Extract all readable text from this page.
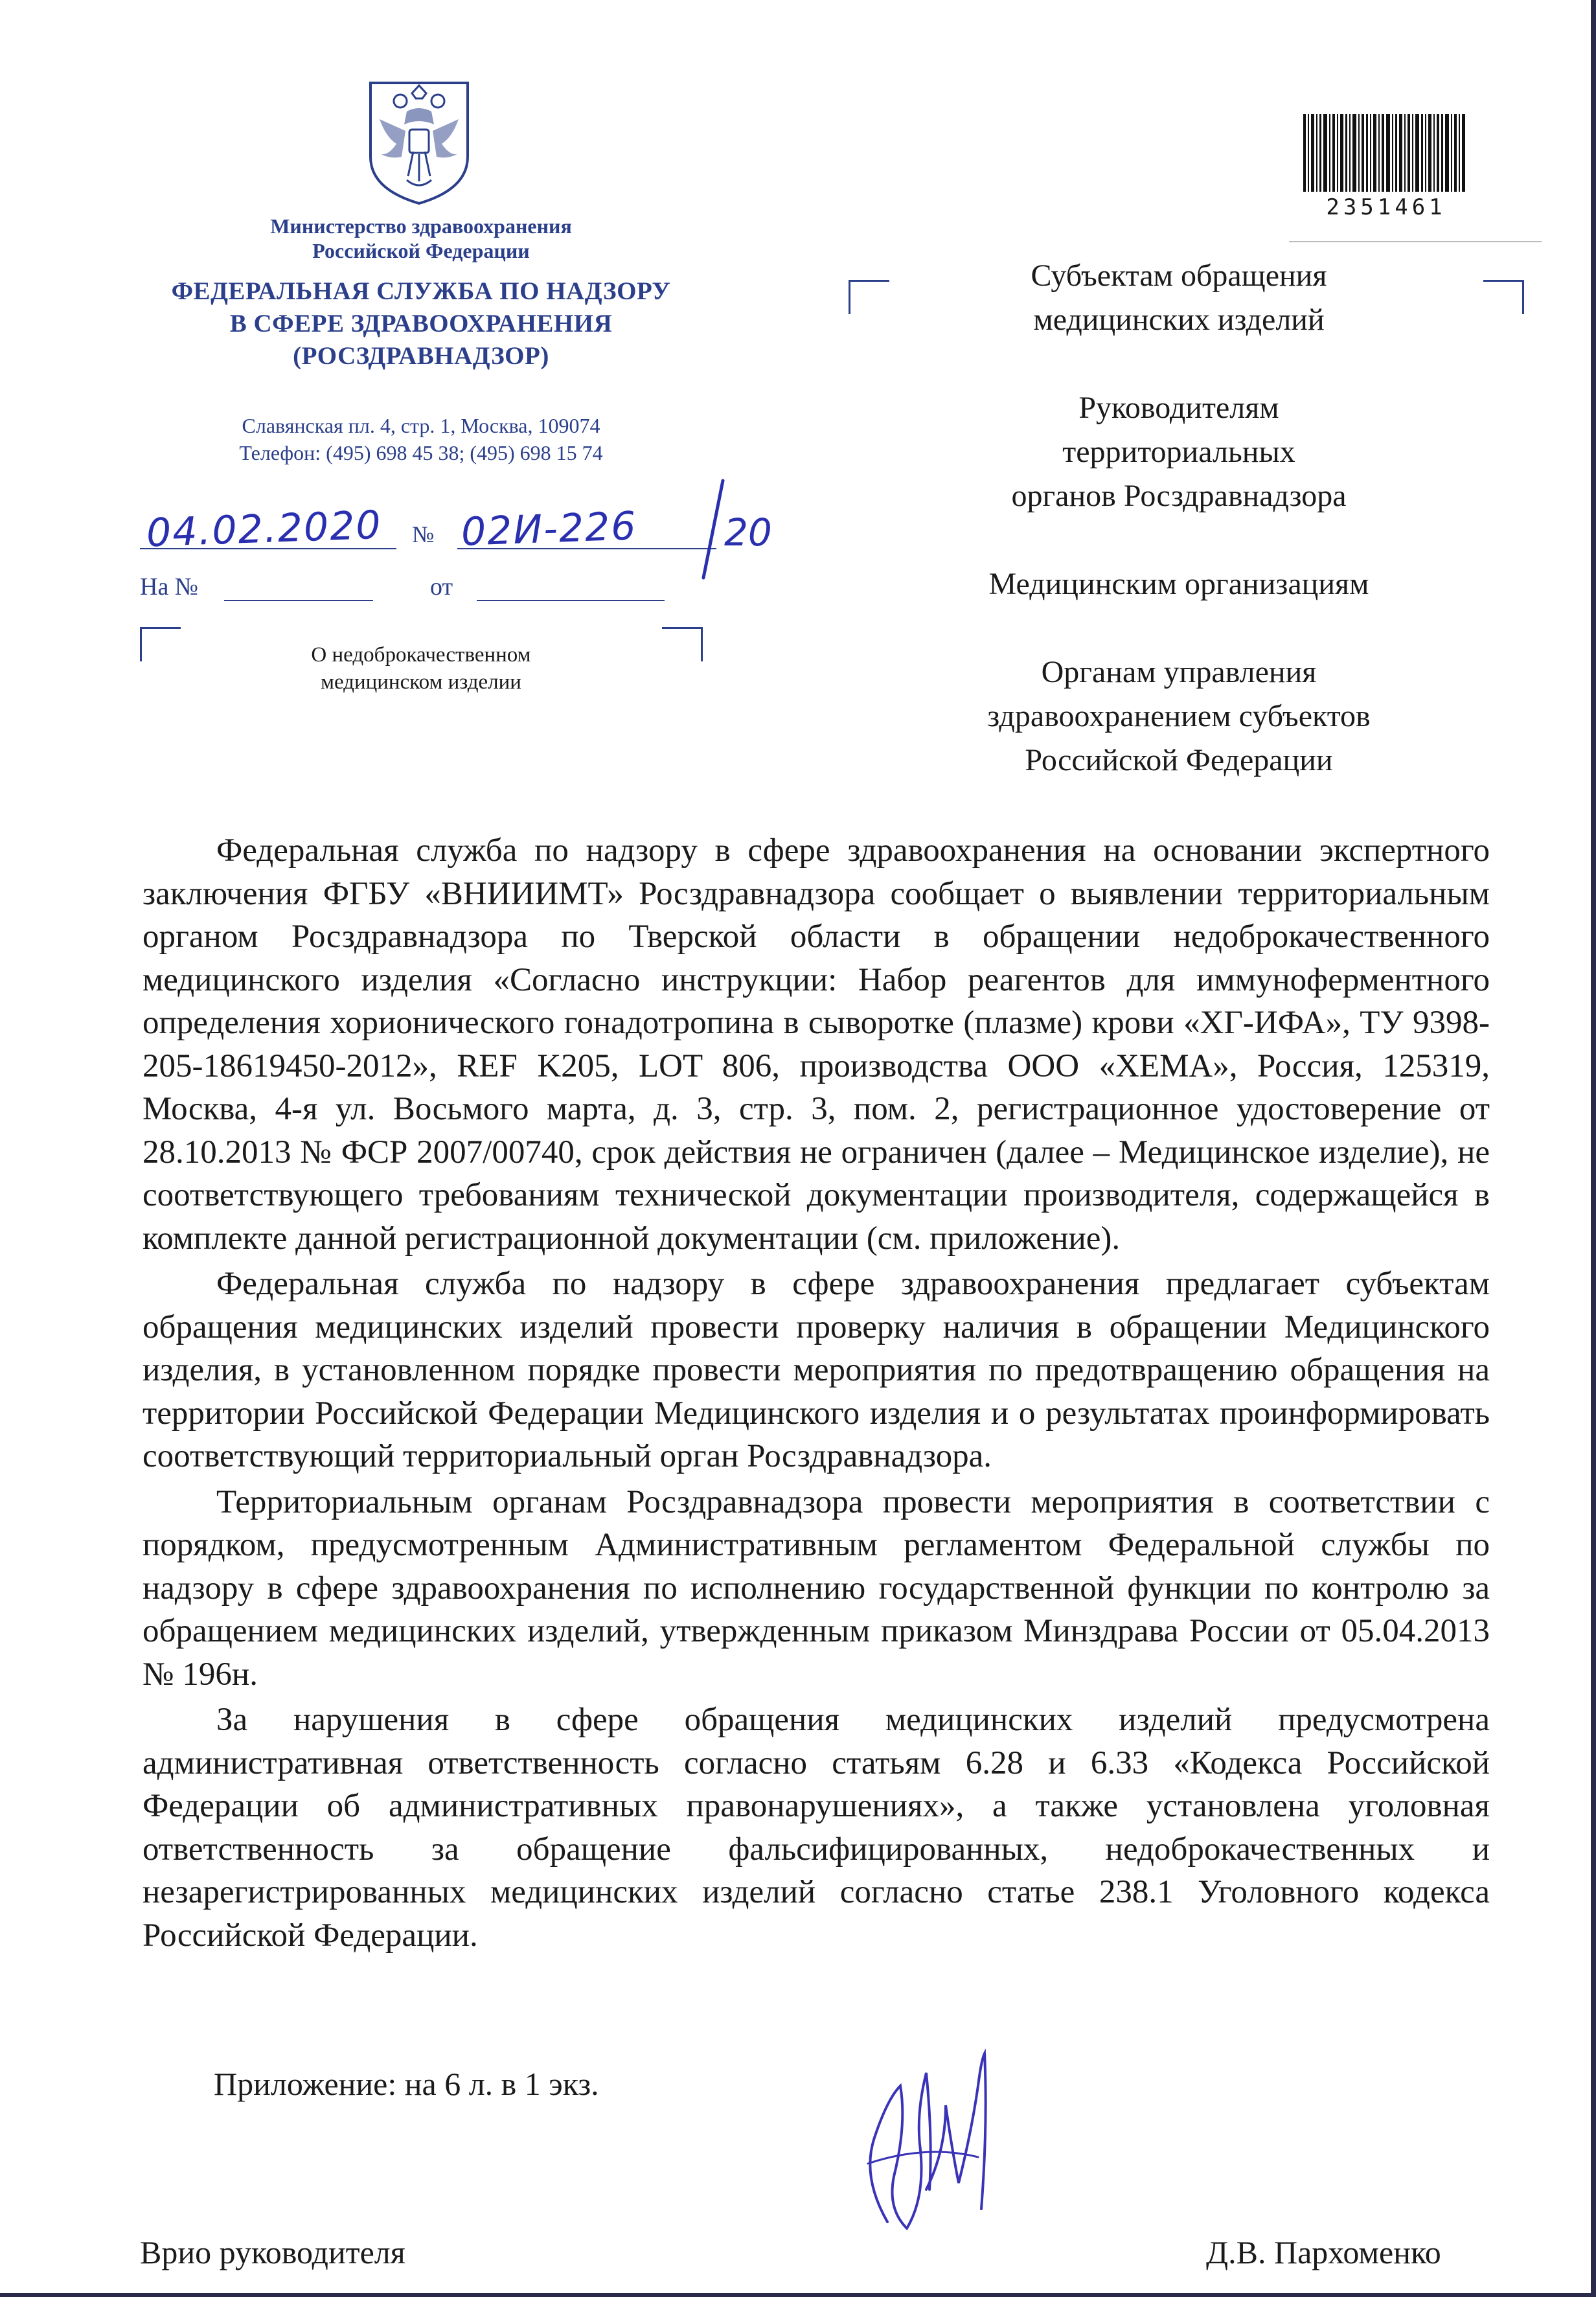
Министерство здравоохранения
Российской Федерации
ФЕДЕРАЛЬНАЯ СЛУЖБА ПО НАДЗОРУ
В СФЕРЕ ЗДРАВООХРАНЕНИЯ
(РОСЗДРАВНАДЗОР)
Славянская пл. 4, стр. 1, Москва, 109074
Телефон: (495) 698 45 38; (495) 698 15 74
04.02.2020 № 02И-226 20
На №	от
О недоброкачественном
медицинском изделии
2351461
Субъектам обращения
медицинских изделий
Руководителям
территориальных
органов Росздравнадзора
Медицинским организациям
Органам управления
здравоохранением субъектов
Российской Федерации

Федеральная служба по надзору в сфере здравоохранения на основании экспертного заключения ФГБУ «ВНИИИМТ» Росздравнадзора сообщает о выявлении территориальным органом Росздравнадзора по Тверской области в обращении недоброкачественного медицинского изделия «Согласно инструкции: Набор реагентов для иммуноферментного определения хорионического гонадотропина в сыворотке (плазме) крови «ХГ-ИФА», ТУ 9398-205-18619450-2012», REF K205, LOT 806, производства ООО «ХЕМА», Россия, 125319, Москва, 4-я ул. Восьмого марта, д. 3, стр. 3, пом. 2, регистрационное удостоверение от 28.10.2013 № ФСР 2007/00740, срок действия не ограничен (далее – Медицинское изделие), не соответствующего требованиям технической документации производителя, содержащейся в комплекте данной регистрационной документации (см. приложение).

Федеральная служба по надзору в сфере здравоохранения предлагает субъектам обращения медицинских изделий провести проверку наличия в обращении Медицинского изделия, в установленном порядке провести мероприятия по предотвращению обращения на территории Российской Федерации Медицинского изделия и о результатах проинформировать соответствующий территориальный орган Росздравнадзора.

Территориальным органам Росздравнадзора провести мероприятия в соответствии с порядком, предусмотренным Административным регламентом Федеральной службы по надзору в сфере здравоохранения по исполнению государственной функции по контролю за обращением медицинских изделий, утвержденным приказом Минздрава России от 05.04.2013 № 196н.

За нарушения в сфере обращения медицинских изделий предусмотрена административная ответственность согласно статьям 6.28 и 6.33 «Кодекса Российской Федерации об административных правонарушениях», а также установлена уголовная ответственность за обращение фальсифицированных, недоброкачественных и незарегистрированных медицинских изделий согласно статье 238.1 Уголовного кодекса Российской Федерации.

Приложение: на 6 л. в 1 экз.
Врио руководителя	Д.В. Пархоменко
